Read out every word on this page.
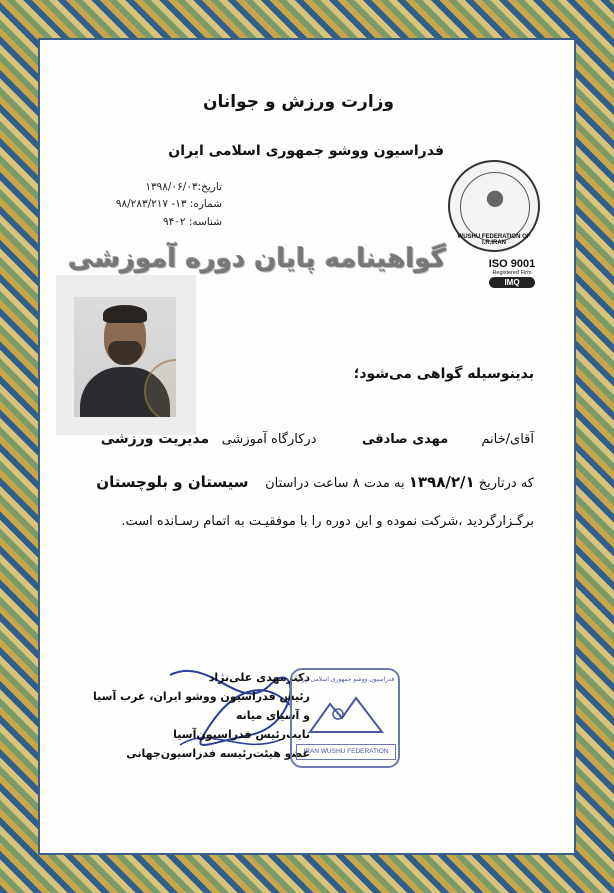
وزارت ورزش و جوانان
فدراسیون ووشو جمهوری اسلامی ایران
تاریخ:۱۳۹۸/۰۶/۰۳
شماره: ۱۳- ۹۸/۲۸۳/۲۱۷
شناسه: ۹۴۰۲
WUSHU FEDERATION OF I.R.IRAN
ISO 9001
Registered Firm
IMQ
گواهینامه پایان دوره آموزشی
بدینوسیله گواهی می‌شود؛
آقای/خانم        مهدی صادقی           درکارگاه آموزشی   مدیریت ورزشی
که درتاریخ ۱۳۹۸/۲/۱ به مدت ۸ ساعت دراستان    سیستان و بلوچستان
برگـزارگردید ،شرکت نموده و این دوره را با موفقیـت به اتمام رسـانده است.
دکترمهدی علی‌نژاد
رئیس فدراسیون ووشو ایران، غرب آسیا و آسیای میانه
نایب‌رئیس فدراسیون‌آسیا
عضو هیئت‌رئیسه فدراسیون‌جهانی
فدراسیون ووشو جمهوری اسلامی ایران
IRAN WUSHU FEDERATION
